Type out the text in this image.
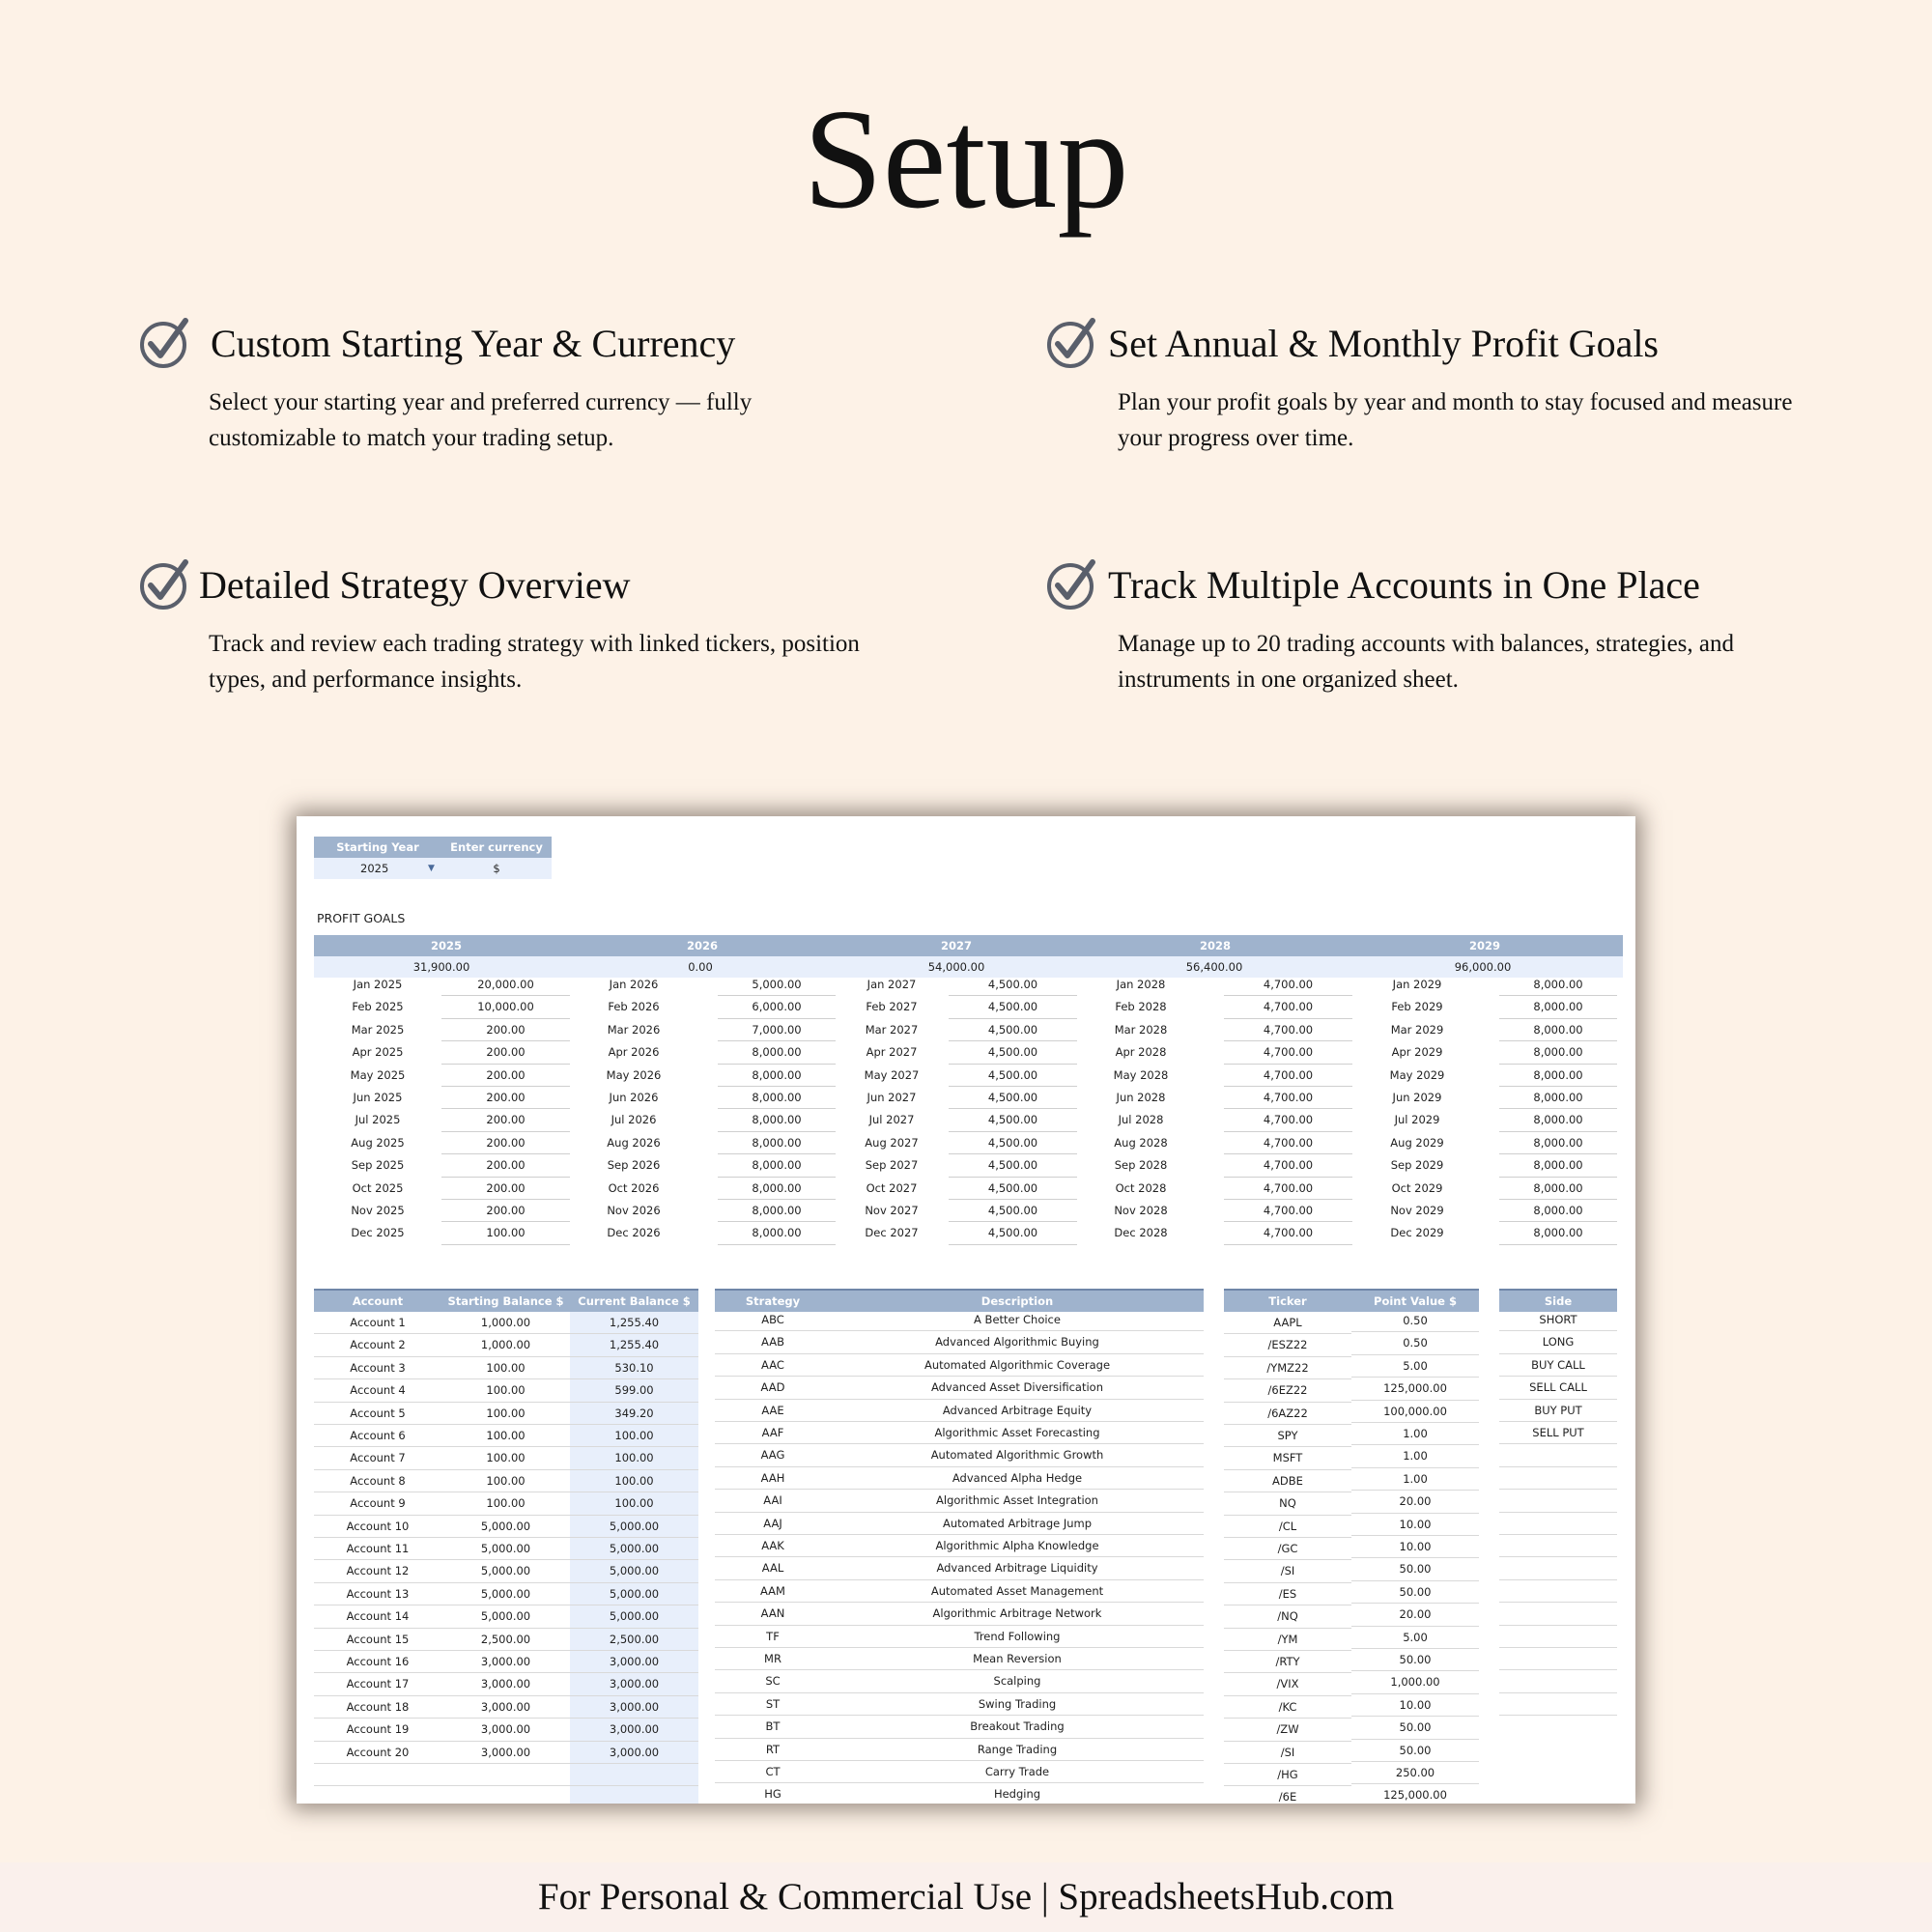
Setup
Custom Starting Year & Currency

Select your starting year and preferred currency — fully customizable to match your trading setup.

Set Annual & Monthly Profit Goals

Plan your profit goals by year and month to stay focused and measure your progress over time.

Detailed Strategy Overview

Track and review each trading strategy with linked tickers, position types, and performance insights.

Track Multiple Accounts in One Place

Manage up to 20 trading accounts with balances, strategies, and instruments in one organized sheet.

Starting Year	Enter currency
2025	▼	$
PROFIT GOALS
2025
31,900.00
Jan 2025	20,000.00
Feb 2025	10,000.00
Mar 2025	200.00
Apr 2025	200.00
May 2025	200.00
Jun 2025	200.00
Jul 2025	200.00
Aug 2025	200.00
Sep 2025	200.00
Oct 2025	200.00
Nov 2025	200.00
Dec 2025	100.00
2026
0.00
Jan 2026	5,000.00
Feb 2026	6,000.00
Mar 2026	7,000.00
Apr 2026	8,000.00
May 2026	8,000.00
Jun 2026	8,000.00
Jul 2026	8,000.00
Aug 2026	8,000.00
Sep 2026	8,000.00
Oct 2026	8,000.00
Nov 2026	8,000.00
Dec 2026	8,000.00
2027
54,000.00
Jan 2027	4,500.00
Feb 2027	4,500.00
Mar 2027	4,500.00
Apr 2027	4,500.00
May 2027	4,500.00
Jun 2027	4,500.00
Jul 2027	4,500.00
Aug 2027	4,500.00
Sep 2027	4,500.00
Oct 2027	4,500.00
Nov 2027	4,500.00
Dec 2027	4,500.00
2028
56,400.00
Jan 2028	4,700.00
Feb 2028	4,700.00
Mar 2028	4,700.00
Apr 2028	4,700.00
May 2028	4,700.00
Jun 2028	4,700.00
Jul 2028	4,700.00
Aug 2028	4,700.00
Sep 2028	4,700.00
Oct 2028	4,700.00
Nov 2028	4,700.00
Dec 2028	4,700.00
2029
96,000.00
Jan 2029	8,000.00
Feb 2029	8,000.00
Mar 2029	8,000.00
Apr 2029	8,000.00
May 2029	8,000.00
Jun 2029	8,000.00
Jul 2029	8,000.00
Aug 2029	8,000.00
Sep 2029	8,000.00
Oct 2029	8,000.00
Nov 2029	8,000.00
Dec 2029	8,000.00
Account	Starting Balance $	Current Balance $
Account 1	1,000.00	1,255.40
Account 2	1,000.00	1,255.40
Account 3	100.00	530.10
Account 4	100.00	599.00
Account 5	100.00	349.20
Account 6	100.00	100.00
Account 7	100.00	100.00
Account 8	100.00	100.00
Account 9	100.00	100.00
Account 10	5,000.00	5,000.00
Account 11	5,000.00	5,000.00
Account 12	5,000.00	5,000.00
Account 13	5,000.00	5,000.00
Account 14	5,000.00	5,000.00
Account 15	2,500.00	2,500.00
Account 16	3,000.00	3,000.00
Account 17	3,000.00	3,000.00
Account 18	3,000.00	3,000.00
Account 19	3,000.00	3,000.00
Account 20	3,000.00	3,000.00
Strategy	Description
ABC	A Better Choice
AAB	Advanced Algorithmic Buying
AAC	Automated Algorithmic Coverage
AAD	Advanced Asset Diversification
AAE	Advanced Arbitrage Equity
AAF	Algorithmic Asset Forecasting
AAG	Automated Algorithmic Growth
AAH	Advanced Alpha Hedge
AAI	Algorithmic Asset Integration
AAJ	Automated Arbitrage Jump
AAK	Algorithmic Alpha Knowledge
AAL	Advanced Arbitrage Liquidity
AAM	Automated Asset Management
AAN	Algorithmic Arbitrage Network
TF	Trend Following
MR	Mean Reversion
SC	Scalping
ST	Swing Trading
BT	Breakout Trading
RT	Range Trading
CT	Carry Trade
HG	Hedging
Ticker	Point Value $
AAPL	0.50
/ESZ22	0.50
/YMZ22	5.00
/6EZ22	125,000.00
/6AZ22	100,000.00
SPY	1.00
MSFT	1.00
ADBE	1.00
NQ	20.00
/CL	10.00
/GC	10.00
/SI	50.00
/ES	50.00
/NQ	20.00
/YM	5.00
/RTY	50.00
/VIX	1,000.00
/KC	10.00
/ZW	50.00
/SI	50.00
/HG	250.00
/6E	125,000.00
Side
SHORT
LONG
BUY CALL
SELL CALL
BUY PUT
SELL PUT
For Personal & Commercial Use | SpreadsheetsHub.com
